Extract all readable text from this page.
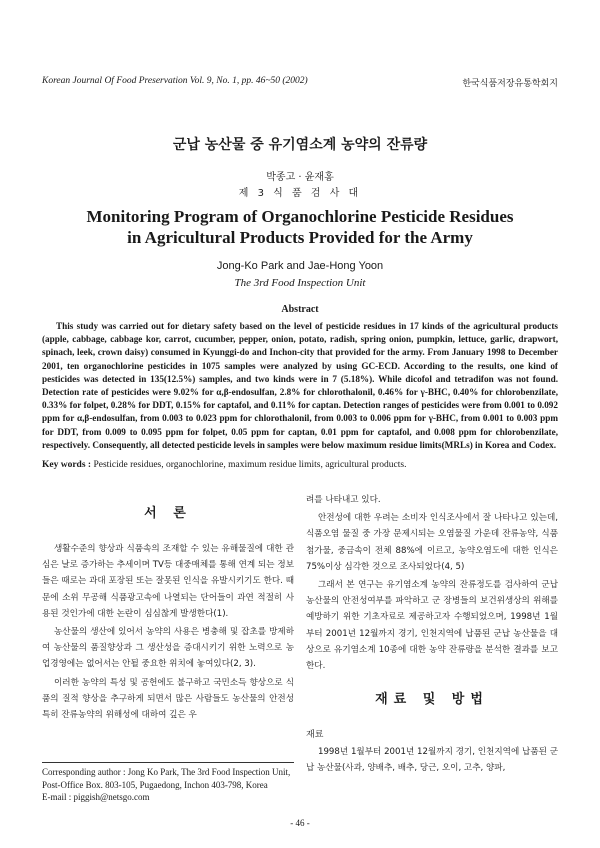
Korean Journal Of Food Preservation Vol. 9, No. 1, pp. 46~50 (2002)	한국식품저장유통학회지
군납 농산물 중 유기염소계 농약의 잔류량
박종고 · 윤재홍
제 3 식 품 검 사 대
Monitoring Program of Organochlorine Pesticide Residues
in Agricultural Products Provided for the Army
Jong-Ko Park and Jae-Hong Yoon
The 3rd Food Inspection Unit
Abstract
This study was carried out for dietary safety based on the level of pesticide residues in 17 kinds of the agricultural products (apple, cabbage, cabbage kor, carrot, cucumber, pepper, onion, potato, radish, spring onion, pumpkin, lettuce, garlic, drapwort, spinach, leek, crown daisy) consumed in Kyunggi-do and Inchon-city that provided for the army. From January 1998 to December 2001, ten organochlorine pesticides in 1075 samples were analyzed by using GC-ECD. According to the results, one kind of pesticides was detected in 135(12.5%) samples, and two kinds were in 7 (5.18%). While dicofol and tetradifon was not found. Detection rate of pesticides were 9.02% for α,β-endosulfan, 2.8% for chlorothalonil, 0.46% for γ-BHC, 0.40% for chlorobenzilate, 0.33% for folpet, 0.28% for DDT, 0.15% for captafol, and 0.11% for captan. Detection ranges of pesticides were from 0.001 to 0.092 ppm for α,β-endosulfan, from 0.003 to 0.023 ppm for chlorothalonil, from 0.003 to 0.006 ppm for γ-BHC, from 0.001 to 0.003 ppm for DDT, from 0.009 to 0.095 ppm for folpet, 0.05 ppm for captan, 0.01 ppm for captafol, and 0.008 ppm for chlorobenzilate, respectively. Consequently, all detected pesticide levels in samples were below maximum residue limits(MRLs) in Korea and Codex.
Key words : Pesticide residues, organochlorine, maximum residue limits, agricultural products.
서 론

생활수준의 향상과 식품속의 조재할 수 있는 유해물질에 대한 관심은 날로 증가하는 추세이며 TV등 대중매체를 통해 연계 되는 정보들은 때로는 과대 포장된 또는 잘못된 인식을 유발시키기도 한다. 때문에 소위 무공해 식품광고속에 나열되는 단어들이 과연 적절히 사용된 것인가에 대한 논란이 심심찮게 발생한다(1).

농산물의 생산에 있어서 농약의 사용은 병충해 및 잡초를 방제하여 농산물의 품질향상과 그 생산성을 증대시키기 위한 노력으로 농업경영에는 없어서는 안될 중요한 위치에 놓여있다(2, 3).

이러한 농약의 특성 및 공헌에도 불구하고 국민소득 향상으로 식품의 질적 향상을 추구하게 되면서 많은 사람들도 농산물의 안전성 특히 잔류농약의 위해성에 대하여 깊은 우

려를 나타내고 있다.

안전성에 대한 우려는 소비자 인식조사에서 잘 나타나고 있는데, 식품오염 물질 중 가장 문제시되는 오염물질 가운데 잔류농약, 식품첨가물, 중금속이 전체 88%에 이르고, 농약오염도에 대한 인식은 75%이상 심각한 것으로 조사되었다(4, 5)

그래서 본 연구는 유기염소계 농약의 잔류정도를 검사하여 군납 농산물의 안전성여부를 파악하고 군 장병들의 보건위생상의 위해를 예방하기 위한 기초자료로 제공하고자 수행되었으며, 1998년 1월부터 2001년 12월까지 경기, 인천지역에 납품된 군납 농산물을 대상으로 유기염소계 10종에 대한 농약 잔류량을 분석한 결과를 보고한다.

재료 및 방법
재료

1998년 1월부터 2001년 12월까지 경기, 인천지역에 납품된 군납 농산물(사과, 양배추, 배추, 당근, 오이, 고추, 양파,

Corresponding author : Jong Ko Park, The 3rd Food Inspection Unit, Post-Office Box. 803-105, Pugaedong, Inchon 403-798, Korea
E-mail : piggish@netsgo.com
- 46 -
